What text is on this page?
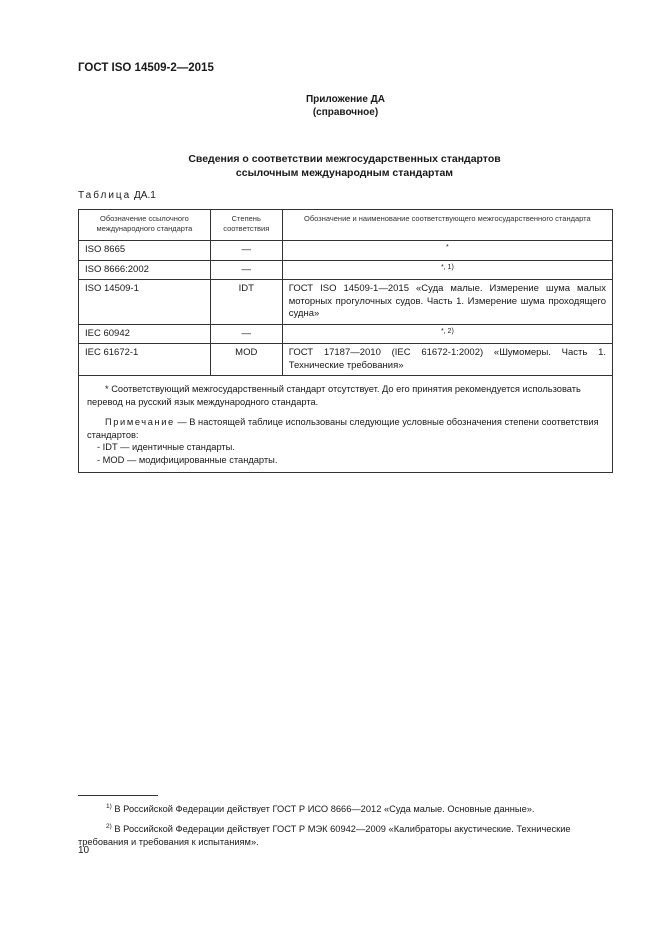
ГОСТ ISO 14509-2—2015
Приложение ДА
(справочное)
Сведения о соответствии межгосударственных стандартов
ссылочным международным стандартам
Таблица ДА.1
Обозначение ссылочного международного стандарта	Степень соответствия	Обозначение и наименование соответствующего межгосударственного стандарта
ISO 8665	—	*
ISO 8666:2002	—	*, 1)
ISO 14509-1	IDT	ГОСТ ISO 14509-1—2015 «Суда малые. Измерение шума малых моторных прогулочных судов. Часть 1. Измерение шума проходящего судна»
IEC 60942	—	*, 2)
IEC 61672-1	MOD	ГОСТ 17187—2010 (IEC 61672-1:2002) «Шумомеры. Часть 1. Технические требования»

* Соответствующий межгосударственный стандарт отсутствует. До его принятия рекомендуется использовать перевод на русский язык международного стандарта.

Примечание — В настоящей таблице использованы следующие условные обозначения степени соответствия стандартов:

- IDT — идентичные стандарты.

- MOD — модифицированные стандарты.		

$^{1)}$ В Российской Федерации действует ГОСТ Р ИСО 8666—2012 «Суда малые. Основные данные».

$^{2)}$ В Российской Федерации действует ГОСТ Р МЭК 60942—2009 «Калибраторы акустические. Технические требования и требования к испытаниям».

10
